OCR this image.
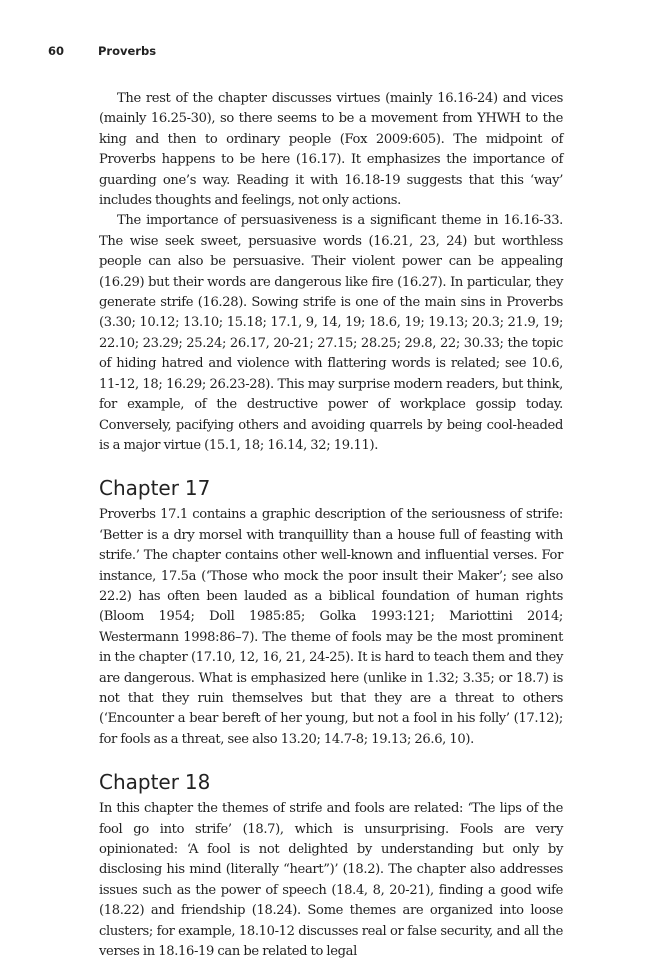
60	Proverbs

The rest of the chapter discusses virtues (mainly 16.16-24) and vices (mainly 16.25-30), so there seems to be a movement from YHWH to the king and then to ordinary people (Fox 2009:605). The midpoint of Proverbs happens to be here (16.17). It emphasizes the importance of guarding one’s way. Reading it with 16.18-19 suggests that this ‘way’ includes thoughts and feelings, not only actions.

The importance of persuasiveness is a significant theme in 16.16-33. The wise seek sweet, persuasive words (16.21, 23, 24) but worthless people can also be persuasive. Their violent power can be appealing (16.29) but their words are dangerous like fire (16.27). In particular, they generate strife (16.28). Sowing strife is one of the main sins in Proverbs (3.30; 10.12; 13.10; 15.18; 17.1, 9, 14, 19; 18.6, 19; 19.13; 20.3; 21.9, 19; 22.10; 23.29; 25.24; 26.17, 20-21; 27.15; 28.25; 29.8, 22; 30.33; the topic of hiding hatred and violence with flattering words is related; see 10.6, 11-12, 18; 16.29; 26.23-28). This may surprise modern readers, but think, for example, of the destructive power of workplace gossip today. Conversely, pacifying others and avoiding quarrels by being cool-headed is a major virtue (15.1, 18; 16.14, 32; 19.11).

Chapter 17

Proverbs 17.1 contains a graphic description of the seriousness of strife: ‘Better is a dry morsel with tranquillity than a house full of feasting with strife.’ The chapter contains other well-known and influential verses. For instance, 17.5a (‘Those who mock the poor insult their Maker’; see also 22.2) has often been lauded as a biblical foundation of human rights (Bloom 1954; Doll 1985:85; Golka 1993:121; Mariottini 2014; Westermann 1998:86–7). The theme of fools may be the most prominent in the chapter (17.10, 12, 16, 21, 24-25). It is hard to teach them and they are dangerous. What is emphasized here (unlike in 1.32; 3.35; or 18.7) is not that they ruin themselves but that they are a threat to others (‘Encounter a bear bereft of her young, but not a fool in his folly’ (17.12); for fools as a threat, see also 13.20; 14.7-8; 19.13; 26.6, 10).

Chapter 18

In this chapter the themes of strife and fools are related: ‘The lips of the fool go into strife’ (18.7), which is unsurprising. Fools are very opinionated: ‘A fool is not delighted by understanding but only by disclosing his mind (literally “heart”)’ (18.2). The chapter also addresses issues such as the power of speech (18.4, 8, 20-21), finding a good wife (18.22) and friendship (18.24). Some themes are organized into loose clusters; for example, 18.10-12 discusses real or false security, and all the verses in 18.16-19 can be related to legal
